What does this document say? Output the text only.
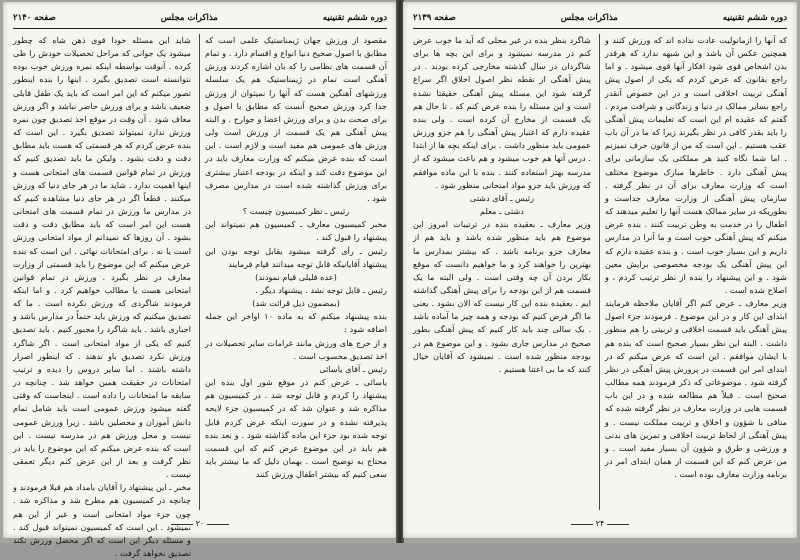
دوره ششم تقنينيه
مذاكرات مجلس
صفحه ۲۱۴۰

مقصود از ورزش جهان ژیمناستیک علمی است که مطابق با اصول صحیح دنیا انواع و اقسام دارد . و تمام آن قسمت های نظامی را که بان اشاره کردند ورزش آهنگی است تمام در ژیمناستیک هم یک سلسله ورزشهای آهنگین هست که آنها را نمیتوان از ورزش جدا کرد ورزش صحیح آنست که مطابق با اصول و برای صحت بدن و برای ورزش اعضا و جوارح . و البته پیش آهنگی هم یک قسمت از ورزش است ولی ورزش های عمومی هم مفید است و لازم است . این است که بنده عرض میکنم که وزارت معارف باید در این موضوع دقت کند و اینکه در بودجه اعتبار بیشتری برای ورزش گذاشته شده است در مدارس مصرف شود .

رئیس ـ نظر کمیسیون چیست ؟

مخبر کمیسیون معارف ـ کمیسیون هم نمیتواند این پیشنهاد را قبول کند .

رئیس ـ رأی گرفته میشود بقابل توجه بودن این پیشنهاد آقایانیکه قابل توجه میدانند قیام فرمایند

(عده قلیلی قیام نمودند)

رئیس ـ قابل توجه نشد . پیشنهاد دیگر .

(بمضمون ذیل قرائت شد)

بنده پیشنهاد میکنم که به ماده ۱۰ اواخر این جمله اضافه شود :

و از خرج های ورزش مانند غرامات سایر تحصیلات در اخذ تصدیق محسوب است .

رئیس ـ آقای یاسائی

یاسائی ـ عرض کنم در موقع شور اول بنده این پیشنهاد را کردم و قابل توجه شد . در کمیسیون هم مذاکره شد و عنوان شد که در کمیسیون جزء لایحه پذیرفته نشده و در سورت اینکه عرض کردم قابل توجه شده بود جزء این ماده گذاشته شود . و بعد بنده هم باید در این موضوع عرض کنم که این قسمت محتاج به توضیح است . بهمان دلیل که ما بیشتر باید سعی کنیم که بیشتر اطفال ورزش کنند

شاید این مسئله خودا قوی ذهن شاه که چطور میشود یک جوانی که مراحل تحصیلات خودش را طی کرده . آنوقت بواسطه اینکه نمره ورزش خوب بوده نتوانسته است تصدیق بگیرد . اینها را بنده اینطور تصور میکنم که این امر است که باید یک طفل قابلی ضعیف باشد و برای ورزش حاضر نباشد و اگر ورزش معاف شود . آن وقت در موقع اخذ تصدیق چون نمره ورزش ندارد نمیتواند تصدیق بگیرد . این است که بنده عرض کردم که هر قسمتی که هست باید مطابق دقت و دقت بشود . ولیکن ما باید تصدیق کنیم که ورزش در تمام قوانین قسمت های امتحانی هست و اینها اهمیت ندارد . شاید ما در هر جای دنیا که ورزش میکنند . قطعاً اگر در هر جای دنیا مشاهده کنیم که در مدارس ما ورزش در تمام قسمت های امتحانی هست این امر است که باید مطابق دقت و دقت بشود . آن روزها که نمیدانم از مواد امتحانی ورزش است یا نه . برای امتحانات نهائی . این است که بنده عرض میکنم که این موضوع را باید قسمتی از وزارت معارف در نظر بگیرد . ورزش در تمام قوانین امتحانی هست یا مطالب خواهیم کرد . و اما اینکه فرمودند شاگردی که ورزش نکرده است . ما که تصدیق میکنیم که ورزش باید حتماً در مدارس باشد و اجباری باشد . باید شاگرد را مجبور کنیم . باید تصدیق کنیم که یکی از مواد امتحانی است . اگر شاگرد ورزش نکرد تصدیق باو ندهند . که اینطور اصرار داشته باشند . اما سایر دروس را دیده و ترتیب امتحانات در حقیقت همین خواهد شد . چنانچه در سابقه ما امتحانات را داده است . اینجاست که وقتی گفته میشود ورزش عمومی است باید شامل تمام دانش آموزان و محصلین باشد . زیرا ورزش عمومی نیست و محل ورزش هم در مدرسه نیست . این است که بنده عرض میکنم که این موضوع را باید در نظر گرفت و بعد از این عرض کنم دیگر تعمقی نیست .

مخبر ـ این پیشنهاد را آقایان بامداد هم قبلا فرمودند و چنانچه در کمیسیون هم مطرح شد و مذاکره شد . چون جزء مواد امتحانی است و غیر از این هم نمیشود . این است که کمیسیون نمیتواند قبول کند . و مسئله دیگر این است که اگر محصل ورزش نکند تصدیق نخواهد گرفت .

۲۰
دوره ششم تقنينيه
مذاكرات مجلس
صفحه ۲۱۳۹

که آنها را ازمانولیت عادت نداده اند که ورزش کنند و همچنین عکس آن باشد و این شبهه ندارد که هرقدر بدن اشخاص قوی شود افکار آنها قوی میشود . و اما راجع بقانون که عرض کردم که یکی از اصول پیش آهنگی تربیت اخلاقی است و در این خصوص آنقدر راجع بسایر ممالک در دنیا و زندگانی و شرافت مردم . گفتم که عقیده ام این است که تعلیمات پیش آهنگی را باید بقدر کافی در نظر بگیرند زیرا که ما در آن باب عقب هستیم . این است که من از قانون حرف نمیزنم . اما شما نگاه کنید هر مملکتی یک سازمانی برای پیش آهنگی دارد . خاطرها مبارک موضوع مختلف است که وزارت معارف برای آن در نظر گرفته . سازمان پیش آهنگی از وزارت معارف جداست و بطوریکه در سایر ممالک هست آنها را تعلیم میدهند که اطفال را در خدمت به وطن تربیت کنند . بنده عرض میکنم که پیش آهنگی خوب است و ما آنرا در مدارس داریم و این بسیار خوب است . و بنده عقیده دارم که این پیش آهنگی یک بودجه مخصوصی برایش معین شود . و این پیشنهاد را بنده از نظر ترتیب کردم ، و اصلاح شده است .

وزیر معارف ـ عرض کنم اگر آقایان ملاحظه فرمایند ابتدای این کار و در این موضوع . فرمودند جزء اصول پیش آهنگی باید قسمت اخلاقی و تربیتی را هم منظور داشت . البته این نظر بسیار صحیح است که بنده هم با ایشان موافقم . این است که عرض میکنم که در ابتدای امر این قسمت در پرورش پیش آهنگی در نظر گرفته شود . موضوعاتی که ذکر فرمودند همه مطالب صحیح است . قبلاً هم مطالعه شده و در این باب قسمت هایی در وزارت معارف در نظر گرفته شده که منافی با شؤون و اخلاق و تربیت مملکت نیست . و پیش آهنگی از لحاظ تربیت اخلاقی و تمرین های بدنی و ورزشی و طرق و شؤون آن بسیار مفید است . و من عرض کنم که این قسمت از همان ابتدای امر در برنامه وزارت معارف بوده است .

شاگرد بنظر بنده در غیر محلی که آید ما خوب عرض کنم در مدرسه نمیشود و برای این بچه ها برای شاگردان در سال گذشته مخارجی کرده بودند . در پیش آهنگی از نقطه نظر اصول اخلاق اگر سراغ گرفته شود این مسئله پیش آهنگی حقیقتا نشده است و این مسئله را بنده عرض کنم که . تا حال هم یک قسمت از مخارج آن کرده است . ولی بنده عقیده دارم که اعتبار پیش آهنگی را هم جزو ورزش عمومی باید منظور داشت . برای اینکه بچه ها از ابتدا . درس آنها هم خوب میشود و هم باعث میشود که از مدرسه بهتر استفاده کنند . بنده با این ماده موافقم که ورزش باید جزو مواد امتحانی منظور شود .

رئیس ـ آقای دشتی

دشتی ـ معلم

وزیر معارف ـ بعقیده بنده در ترتیبات امروز این موضوع هم باید منظور شده باشد و باید هم از معارف جزو برنامه باشد . که بیشتر بمدارس ما بهترین را خواهند کرد و ما خواهیم دانست که موقع بکار بردن آن چه وقتی است . ولی البته ما یک قسمت هم از این بودجه را برای پیش آهنگی گذاشته ایم . بعقیده بنده این کار نیست که الان بشود . یعنی ما اگر فرض کنیم که بودجه و همه چیز ما آماده باشد . یک سالی چند باید کار کنیم که پیش آهنگی بطور صحیح در مدارس جاری بشود . و این موضوع هم در بودجه منظور شده است . نمیشود که آقایان خیال کنند که ما بی اعتنا هستیم .

۲۴
